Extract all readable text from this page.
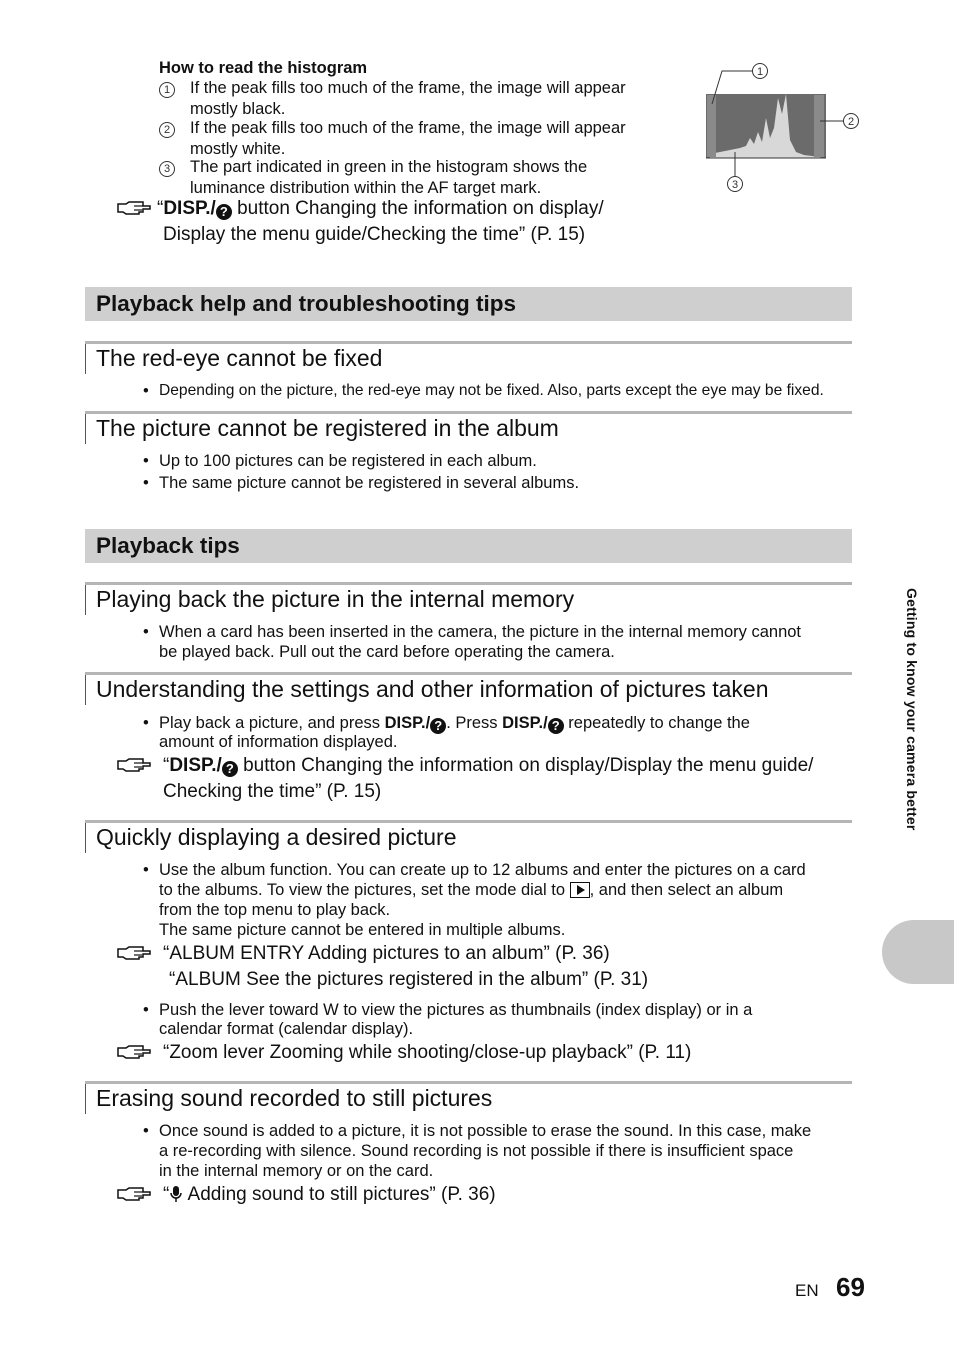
How to read the histogram
1 If the peak fills too much of the frame, the image will appear
mostly black.
2 If the peak fills too much of the frame, the image will appear
mostly white.
3 The part indicated in green in the histogram shows the
luminance distribution within the AF target mark.
“DISP./ ? button Changing the information on display/
Display the menu guide/Checking the time” (P. 15)
1
2
3
Playback help and troubleshooting tips
The red-eye cannot be fixed
• Depending on the picture, the red-eye may not be fixed. Also, parts except the eye may be fixed.
The picture cannot be registered in the album
• Up to 100 pictures can be registered in each album.
• The same picture cannot be registered in several albums.
Playback tips
Playing back the picture in the internal memory
• When a card has been inserted in the camera, the picture in the internal memory cannot
be played back. Pull out the card before operating the camera.
Understanding the settings and other information of pictures taken
• Play back a picture, and press DISP./ ? . Press DISP./ ? repeatedly to change the
amount of information displayed.
“DISP./ ? button Changing the information on display/Display the menu guide/
Checking the time” (P. 15)
Quickly displaying a desired picture
• Use the album function. You can create up to 12 albums and enter the pictures on a card
to the albums. To view the pictures, set the mode dial to
, and then select an album
from the top menu to play back.
The same picture cannot be entered in multiple albums.
“ALBUM ENTRY Adding pictures to an album” (P. 36)
“ALBUM See the pictures registered in the album” (P. 31)
• Push the lever toward W to view the pictures as thumbnails (index display) or in a
calendar format (calendar display).
“Zoom lever Zooming while shooting/close-up playback” (P. 11)
Erasing sound recorded to still pictures
• Once sound is added to a picture, it is not possible to erase the sound. In this case, make
a re-recording with silence. Sound recording is not possible if there is insufficient space
in the internal memory or on the card.
“ Adding sound to still pictures” (P. 36)
Getting to know your camera better
EN 69
